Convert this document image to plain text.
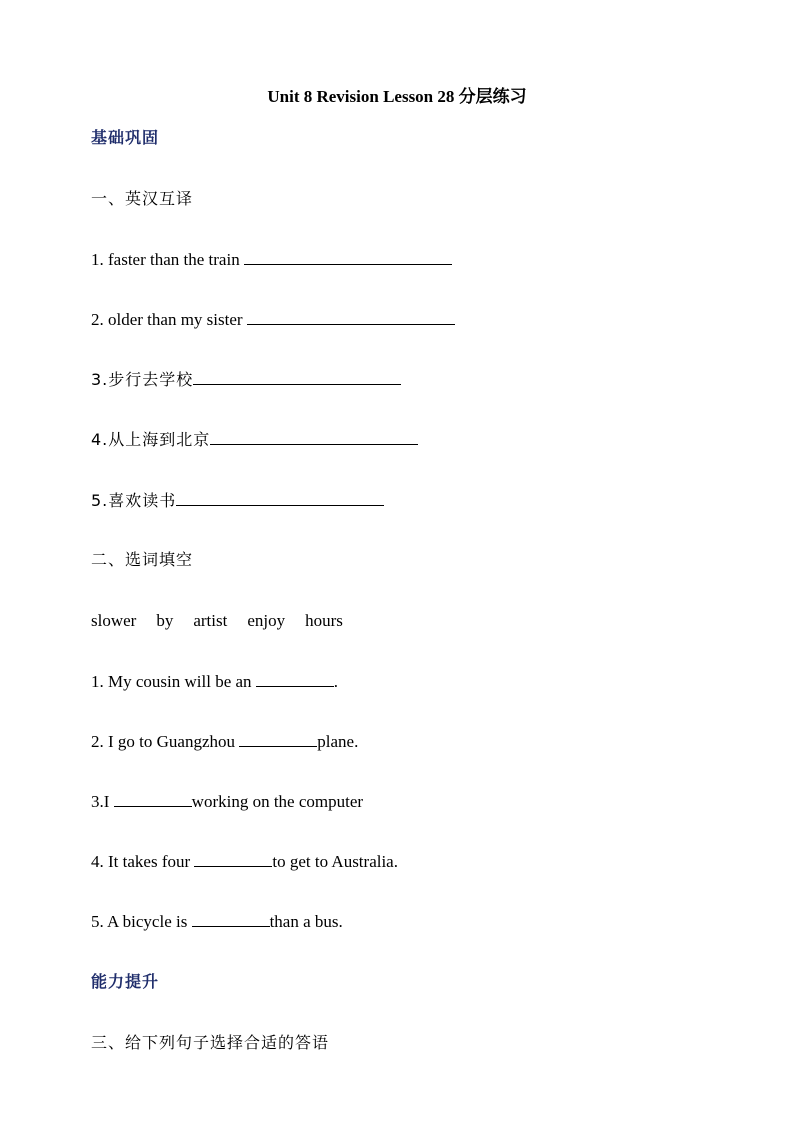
Unit 8 Revision Lesson 28 分层练习
基础巩固
一、英汉互译
1. faster than the train
2. older than my sister
3.步行去学校
4.从上海到北京
5.喜欢读书
二、选词填空
slower by artist enjoy hours
1. My cousin will be an	.
2. I go to Guangzhou	plane.
3.I	working on the computer
4. It takes four	to get to Australia.
5. A bicycle is	than a bus.
能力提升
三、给下列句子选择合适的答语
